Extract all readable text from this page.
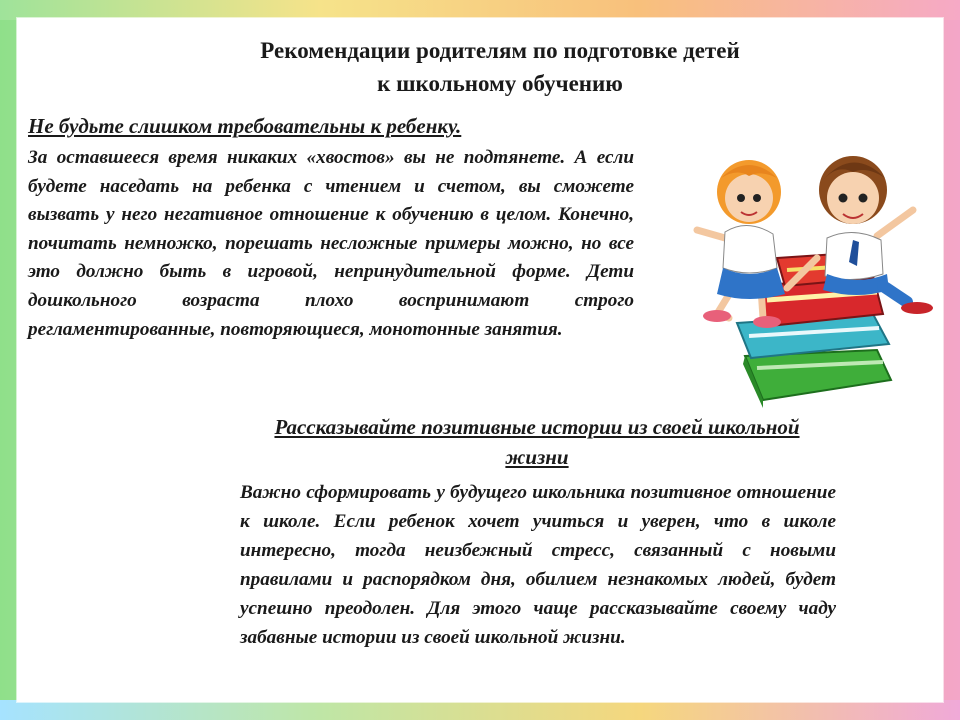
Рекомендации родителям по подготовке детей
к школьному обучению
Не будьте слишком требовательны к ребенку.
За оставшееся время никаких «хвостов» вы не подтянете. А если будете наседать на ребенка с чтением и счетом, вы сможете вызвать у него негативное отношение к обучению в целом. Конечно, почитать немножко, порешать несложные примеры можно, но все это должно быть в игровой, непринудительной форме. Дети дошкольного возраста плохо воспринимают строго регламентированные, повторяющиеся, монотонные занятия.
Рассказывайте позитивные истории из своей школьной жизни
Важно сформировать у будущего школьника позитивное отношение к школе. Если ребенок хочет учиться и уверен, что в школе интересно, тогда неизбежный стресс, связанный с новыми правилами и распорядком дня, обилием незнакомых людей, будет успешно преодолен. Для этого чаще рассказывайте своему чаду забавные истории из своей школьной жизни.
